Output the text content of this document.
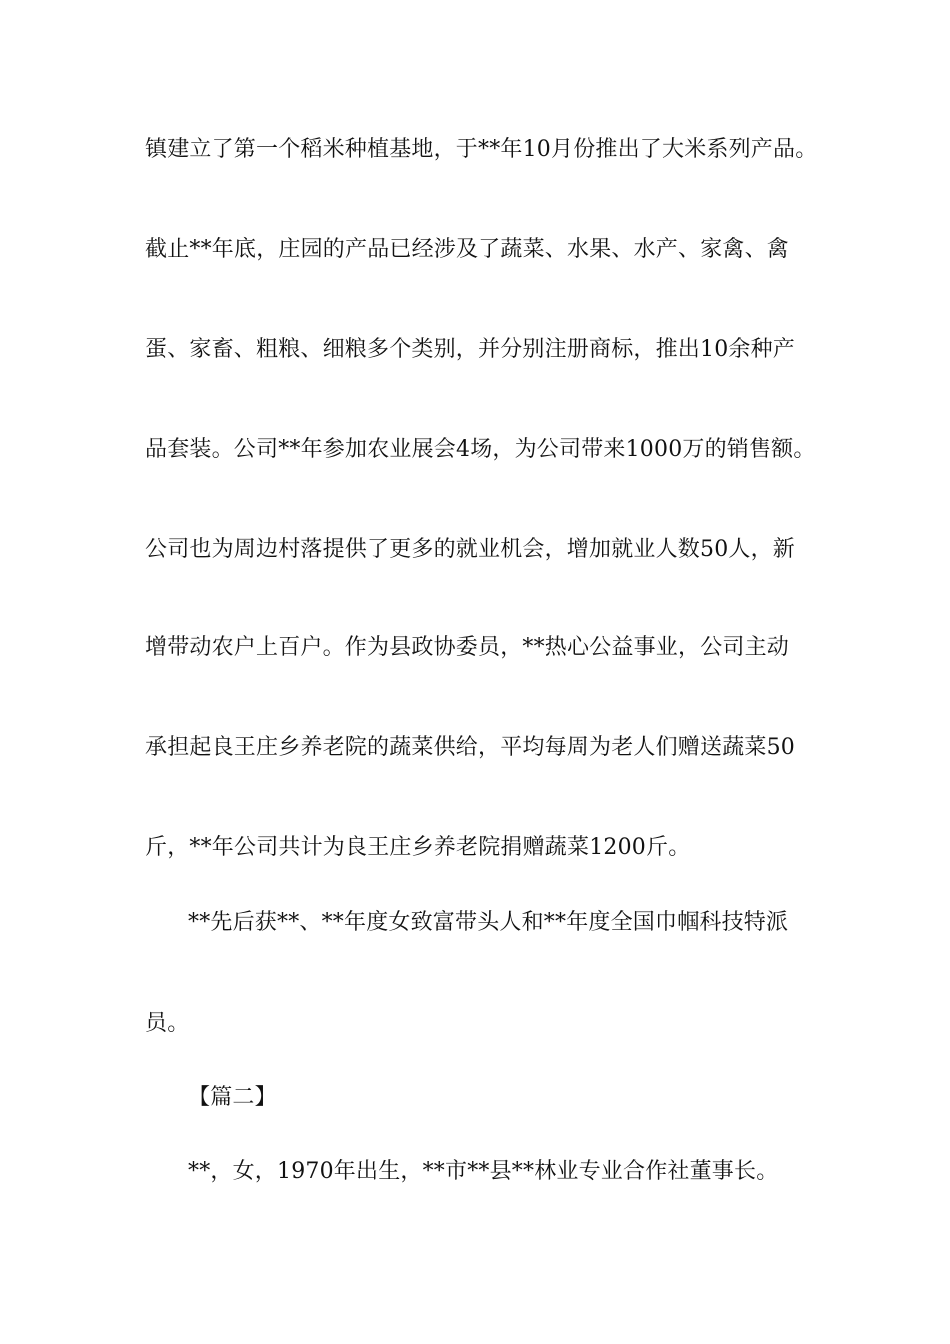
镇建立了第一个稻米种植基地，于**年10月份推出了大米系列产品。
截止**年底，庄园的产品已经涉及了蔬菜、水果、水产、家禽、禽
蛋、家畜、粗粮、细粮多个类别，并分别注册商标，推出10余种产
品套装。公司**年参加农业展会4场，为公司带来1000万的销售额。
公司也为周边村落提供了更多的就业机会，增加就业人数50人，新
增带动农户上百户。作为县政协委员，**热心公益事业，公司主动
承担起良王庄乡养老院的蔬菜供给，平均每周为老人们赠送蔬菜50
斤，**年公司共计为良王庄乡养老院捐赠蔬菜1200斤。
**先后获**、**年度女致富带头人和**年度全国巾帼科技特派
员。
【篇二】
**，女，1970年出生，**市**县**林业专业合作社董事长。
